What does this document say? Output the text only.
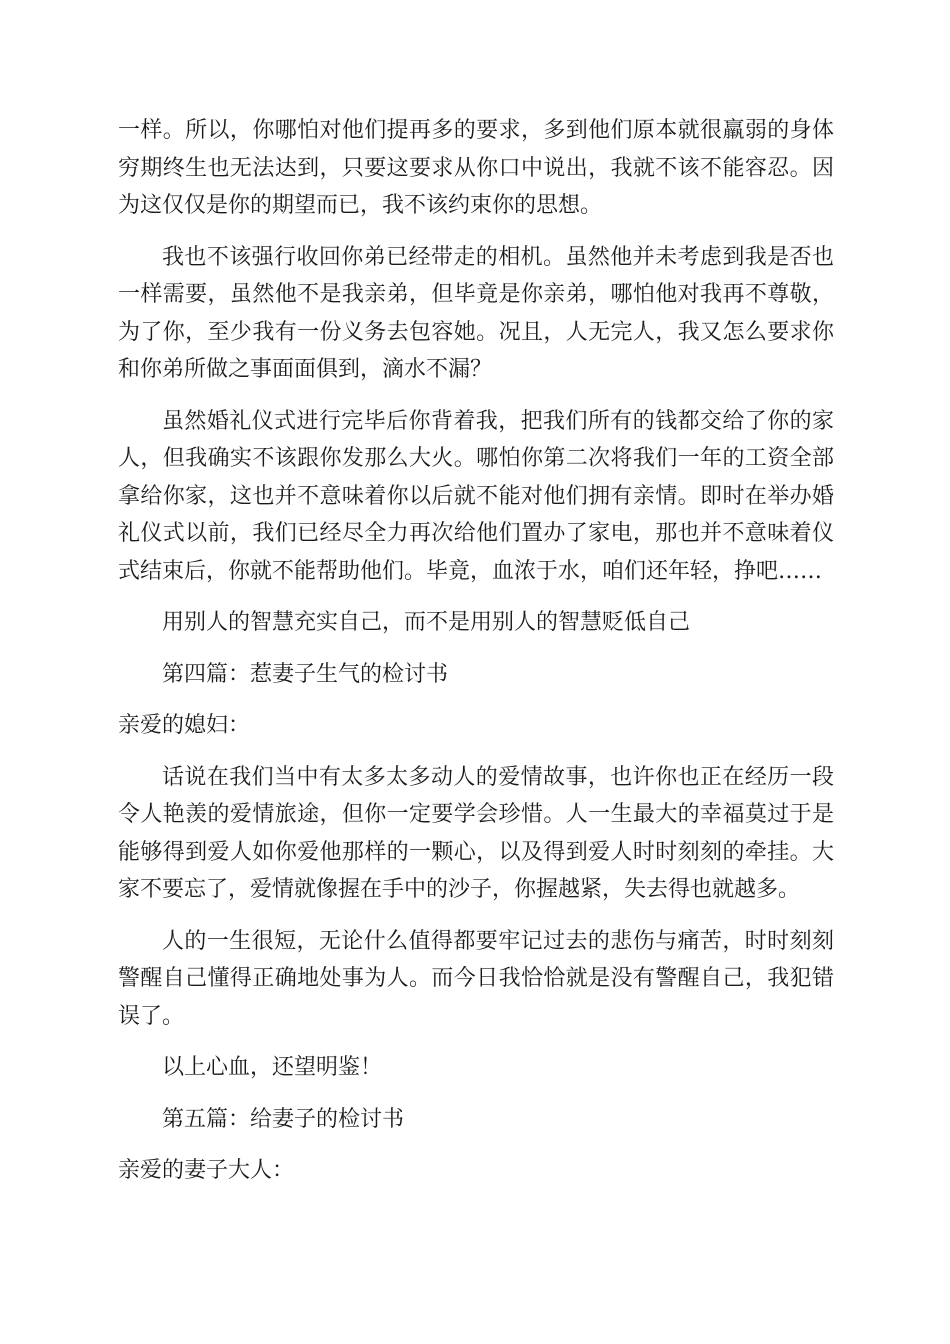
一样。所以，你哪怕对他们提再多的要求，多到他们原本就很羸弱的身体穷期终生也无法达到，只要这要求从你口中说出，我就不该不能容忍。因为这仅仅是你的期望而已，我不该约束你的思想。

我也不该强行收回你弟已经带走的相机。虽然他并未考虑到我是否也一样需要，虽然他不是我亲弟，但毕竟是你亲弟，哪怕他对我再不尊敬，为了你，至少我有一份义务去包容她。况且，人无完人，我又怎么要求你和你弟所做之事面面俱到，滴水不漏？

虽然婚礼仪式进行完毕后你背着我，把我们所有的钱都交给了你的家人，但我确实不该跟你发那么大火。哪怕你第二次将我们一年的工资全部拿给你家，这也并不意味着你以后就不能对他们拥有亲情。即时在举办婚礼仪式以前，我们已经尽全力再次给他们置办了家电，那也并不意味着仪式结束后，你就不能帮助他们。毕竟，血浓于水，咱们还年轻，挣吧……

用别人的智慧充实自己，而不是用别人的智慧贬低自己

第四篇：惹妻子生气的检讨书

亲爱的媳妇：

话说在我们当中有太多太多动人的爱情故事，也许你也正在经历一段令人艳羡的爱情旅途，但你一定要学会珍惜。人一生最大的幸福莫过于是能够得到爱人如你爱他那样的一颗心，以及得到爱人时时刻刻的牵挂。大家不要忘了，爱情就像握在手中的沙子，你握越紧，失去得也就越多。

人的一生很短，无论什么值得都要牢记过去的悲伤与痛苦，时时刻刻警醒自己懂得正确地处事为人。而今日我恰恰就是没有警醒自己，我犯错误了。

以上心血，还望明鉴！

第五篇：给妻子的检讨书

亲爱的妻子大人：
